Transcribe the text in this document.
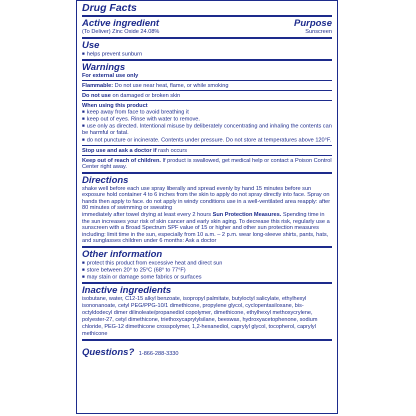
Drug Facts
Active ingredient
(To Deliver) Zinc Oxide 24.08%
Purpose
Sunscreen
Use
■ helps prevent sunburn
Warnings
For external use only
Flammable: Do not use near heat, flame, or while smoking
Do not use on damaged or broken skin
When using this product
■ keep away from face to avoid breathing it
■ keep out of eyes. Rinse with water to remove.
■ use only as directed. Intentional misuse by deliberately concentrating and inhaling the contents can be harmful or fatal.
■ do not puncture or incinerate. Contents under pressure. Do not store at temperatures above 120°F.
Stop use and ask a doctor if rash occurs
Keep out of reach of children. If product is swallowed, get medical help or contact a Poison Control Center right away.
Directions
shake well before each use spray liberally and spread evenly by hand 15 minutes before sun exposure hold container 4 to 6 inches from the skin to apply do not spray directly into face. Spray on hands then apply to face. do not apply in windy conditions use in a well-ventilated area reapply: after 80 minutes of swimming or sweating
immediately after towel drying at least every 2 hours Sun Protection Measures. Spending time in the sun increases your risk of skin cancer and early skin aging. To decrease this risk, regularly use a sunscreen with a Broad Spectrum SPF value of 15 or higher and other sun protection measures including: limit time in the sun, especially from 10 a.m. – 2 p.m. wear long-sleeve shirts, pants, hats, and sunglasses children under 6 months: Ask a doctor
Other information
■ protect this product from excessive heat and direct sun
■ store between 20° to 25°C (68° to 77°F)
■ may stain or damage some fabrics or surfaces
Inactive ingredients
isobutane, water, C12-15 alkyl benzoate, isopropyl palmitate, butyloctyl salicylate, ethylhexyl isononanoate, cetyl PEG/PPG-10/1 dimethicone, propylene glycol, cyclopentasiloxane, bis-octyldodecyl dimer dilinoleate/propanediol copolymer, dimethicone, ethylhexyl methoxycrylene, polyester-27, cetyl dimethicone, triethoxycaprylylsilane, beeswax, hydroxyacetophenone, sodium chloride, PEG-12 dimethicone crosspolymer, 1,2-hexanediol, caprylyl glycol, tocopherol, caprylyl methicone
Questions? 1-866-288-3330
